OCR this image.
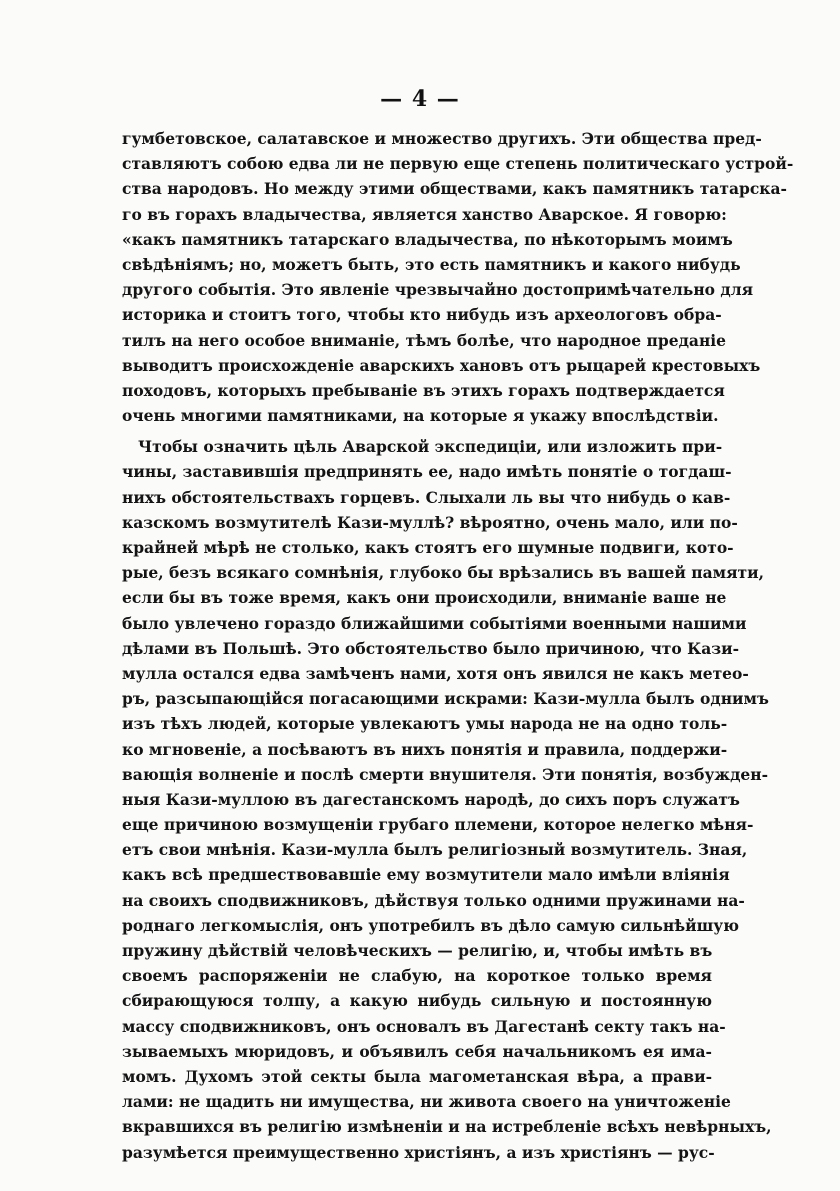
— 4 —
гумбетовское, салатавское и множество другихъ. Эти общества пред-
ставляютъ собою едва ли не первую еще степень политическаго устрой-
ства народовъ. Но между этими обществами, какъ памятникъ татарска-
го въ горахъ владычества, является ханство Аварское. Я говорю:
«какъ памятникъ татарскаго владычества, по нѣкоторымъ моимъ
свѣдѣніямъ; но, можетъ быть, это есть памятникъ и какого нибудь
другого событія. Это явленіе чрезвычайно достопримѣчательно для
историка и стоитъ того, чтобы кто нибудь изъ археологовъ обра-
тилъ на него особое вниманіе, тѣмъ болѣе, что народное преданіе
выводитъ происхожденіе аварскихъ хановъ отъ рыцарей крестовыхъ
походовъ, которыхъ пребываніе въ этихъ горахъ подтверждается
очень многими памятниками, на которые я укажу впослѣдствіи.
Чтобы означить цѣль Аварской экспедиціи, или изложить при-
чины, заставившія предпринять ее, надо имѣть понятіе о тогдаш-
нихъ обстоятельствахъ горцевъ. Слыхали ль вы что нибудь о кав-
казскомъ возмутителѣ Кази-муллѣ? вѣроятно, очень мало, или по-
крайней мѣрѣ не столько, какъ стоятъ его шумные подвиги, кото-
рые, безъ всякаго сомнѣнія, глубоко бы врѣзались въ вашей памяти,
если бы въ тоже время, какъ они происходили, вниманіе ваше не
было увлечено гораздо ближайшими событіями военными нашими
дѣлами въ Польшѣ. Это обстоятельство было причиною, что Кази-
мулла остался едва замѣченъ нами, хотя онъ явился не какъ метео-
ръ, разсыпающійся погасающими искрами: Кази-мулла былъ однимъ
изъ тѣхъ людей, которые увлекаютъ умы народа не на одно толь-
ко мгновеніе, а посѣваютъ въ нихъ понятія и правила, поддержи-
вающія волненіе и послѣ смерти внушителя. Эти понятія, возбужден-
ныя Кази-муллою въ дагестанскомъ народѣ, до сихъ поръ служатъ
еще причиною возмущеніи грубаго племени, которое нелегко мѣня-
етъ свои мнѣнія. Кази-мулла былъ религіозный возмутитель. Зная,
какъ всѣ предшествовавшіе ему возмутители мало имѣли вліянія
на своихъ сподвижниковъ, дѣйствуя только одними пружинами на-
роднаго легкомыслія, онъ употребилъ въ дѣло самую сильнѣйшую
пружину дѣйствій человѣческихъ — религію, и, чтобы имѣть въ
своемъ распоряженіи не слабую, на короткое только время
сбирающуюся толпу, а какую нибудь сильную и постоянную
массу сподвижниковъ, онъ основалъ въ Дагестанѣ секту такъ на-
зываемыхъ мюридовъ, и объявилъ себя начальникомъ ея има-
момъ. Духомъ этой секты была магометанская вѣра, а прави-
лами: не щадить ни имущества, ни живота своего на уничтоженіе
вкравшихся въ религію измѣненіи и на истребленіе всѣхъ невѣрныхъ,
разумѣется преимущественно христіянъ, а изъ христіянъ — рус-
